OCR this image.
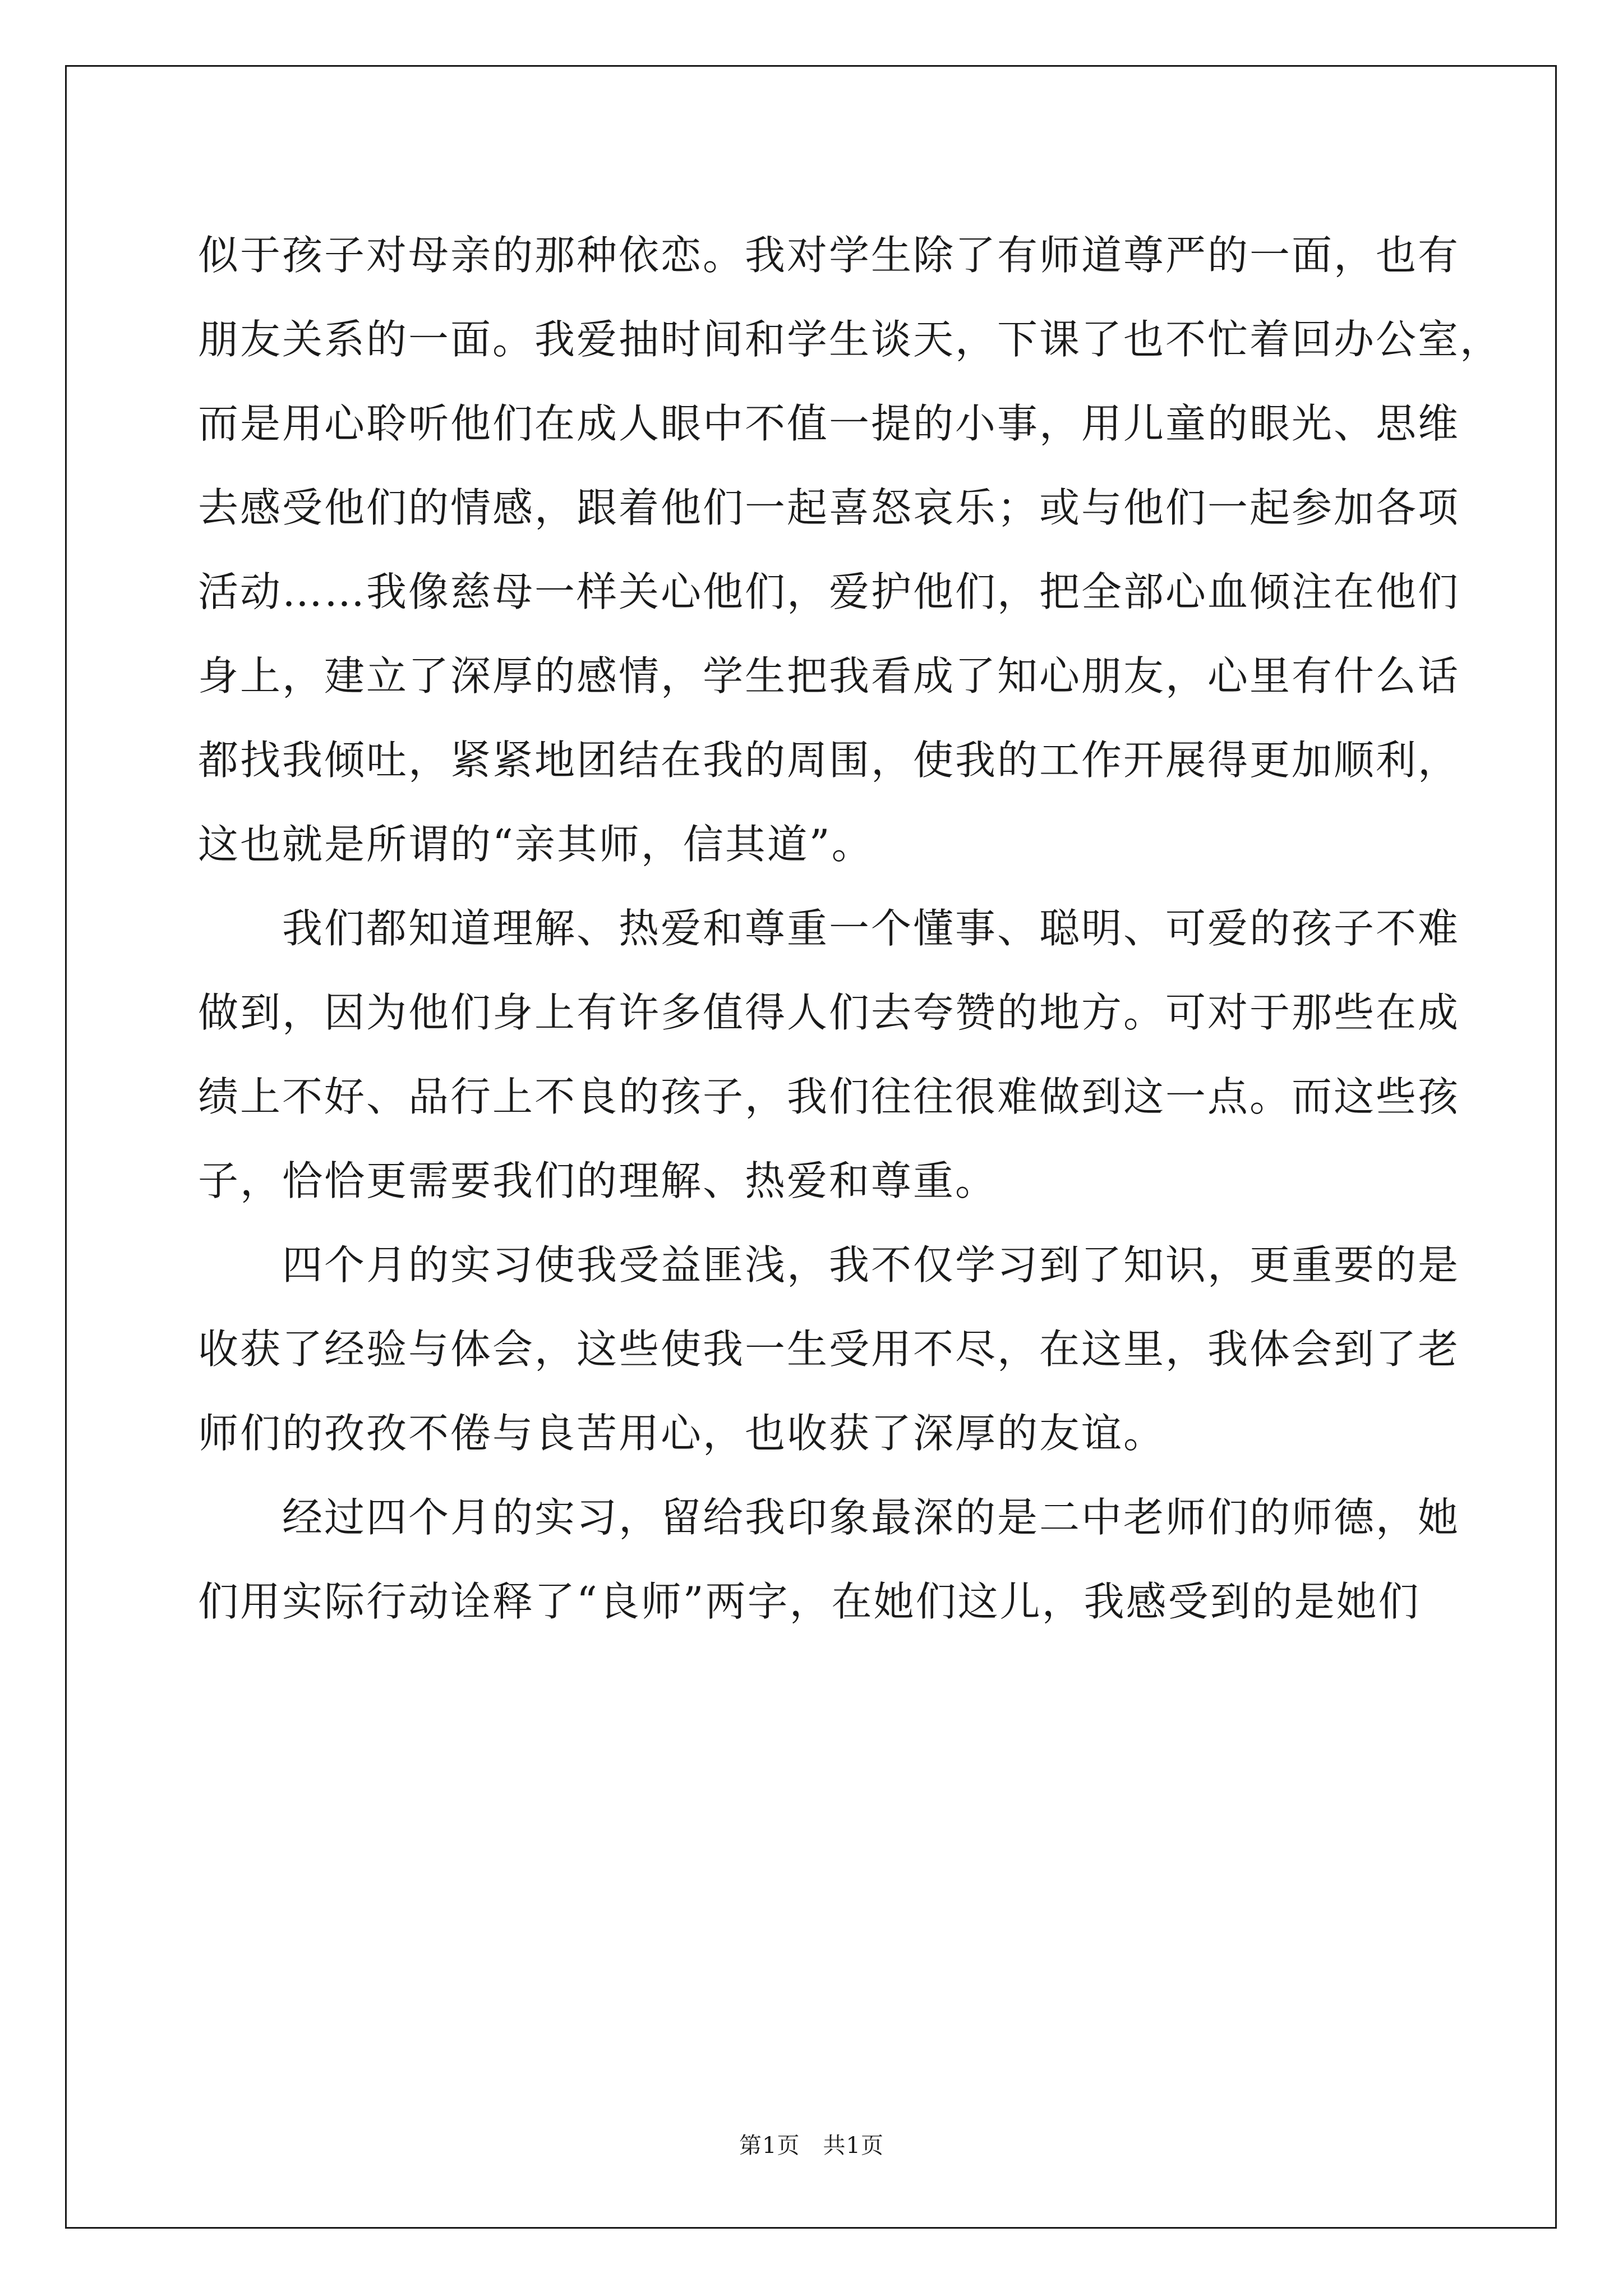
似于孩子对母亲的那种依恋。我对学生除了有师道尊严的一面，也有
朋友关系的一面。我爱抽时间和学生谈天，下课了也不忙着回办公室，
而是用心聆听他们在成人眼中不值一提的小事，用儿童的眼光、思维
去感受他们的情感，跟着他们一起喜怒哀乐；或与他们一起参加各项
活动……我像慈母一样关心他们，爱护他们，把全部心血倾注在他们
身上，建立了深厚的感情，学生把我看成了知心朋友，心里有什么话
都找我倾吐，紧紧地团结在我的周围，使我的工作开展得更加顺利，
这也就是所谓的“亲其师，信其道”。
我们都知道理解、热爱和尊重一个懂事、聪明、可爱的孩子不难
做到，因为他们身上有许多值得人们去夸赞的地方。可对于那些在成
绩上不好、品行上不良的孩子，我们往往很难做到这一点。而这些孩
子，恰恰更需要我们的理解、热爱和尊重。
四个月的实习使我受益匪浅，我不仅学习到了知识，更重要的是
收获了经验与体会，这些使我一生受用不尽，在这里，我体会到了老
师们的孜孜不倦与良苦用心，也收获了深厚的友谊。
经过四个月的实习，留给我印象最深的是二中老师们的师德，她
们用实际行动诠释了“良师”两字，在她们这儿，我感受到的是她们
第1页　共1页
